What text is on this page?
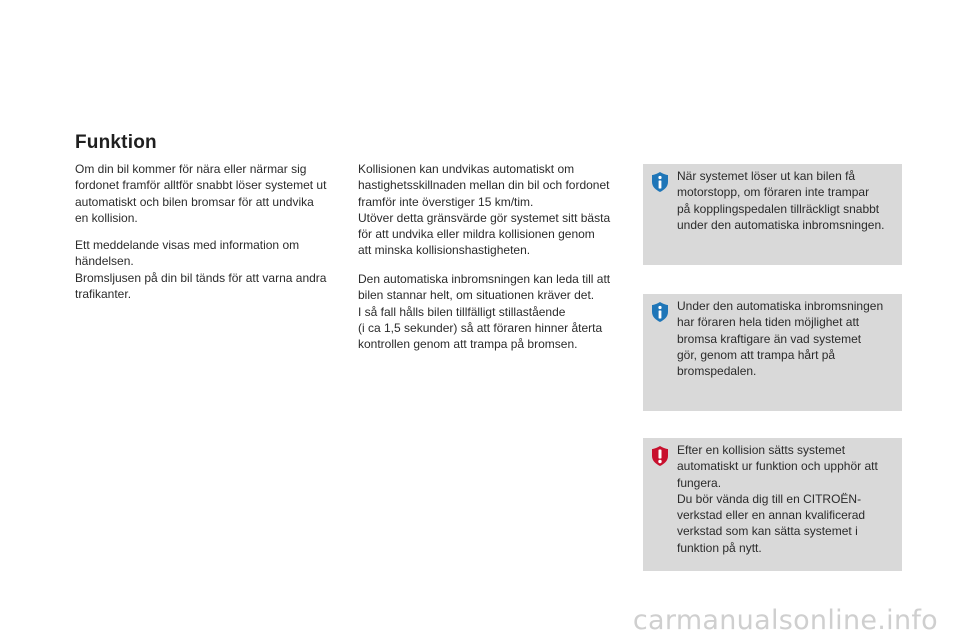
Funktion

Om din bil kommer för nära eller närmar sig
fordonet framför alltför snabbt löser systemet ut
automatiskt och bilen bromsar för att undvika
en kollision.

Ett meddelande visas med information om
händelsen.
Bromsljusen på din bil tänds för att varna andra
trafikanter.

Kollisionen kan undvikas automatiskt om
hastighetsskillnaden mellan din bil och fordonet
framför inte överstiger 15 km/tim.
Utöver detta gränsvärde gör systemet sitt bästa
för att undvika eller mildra kollisionen genom
att minska kollisionshastigheten.

Den automatiska inbromsningen kan leda till att
bilen stannar helt, om situationen kräver det.
I så fall hålls bilen tillfälligt stillastående
(i ca 1,5 sekunder) så att föraren hinner återta
kontrollen genom att trampa på bromsen.

När systemet löser ut kan bilen få
motorstopp, om föraren inte trampar
på kopplingspedalen tillräckligt snabbt
under den automatiska inbromsningen.

Under den automatiska inbromsningen
har föraren hela tiden möjlighet att
bromsa kraftigare än vad systemet
gör, genom att trampa hårt på
bromspedalen.

Efter en kollision sätts systemet
automatiskt ur funktion och upphör att
fungera.
Du bör vända dig till en CITROËN-
verkstad eller en annan kvalificerad
verkstad som kan sätta systemet i
funktion på nytt.

carmanualsonline.info
